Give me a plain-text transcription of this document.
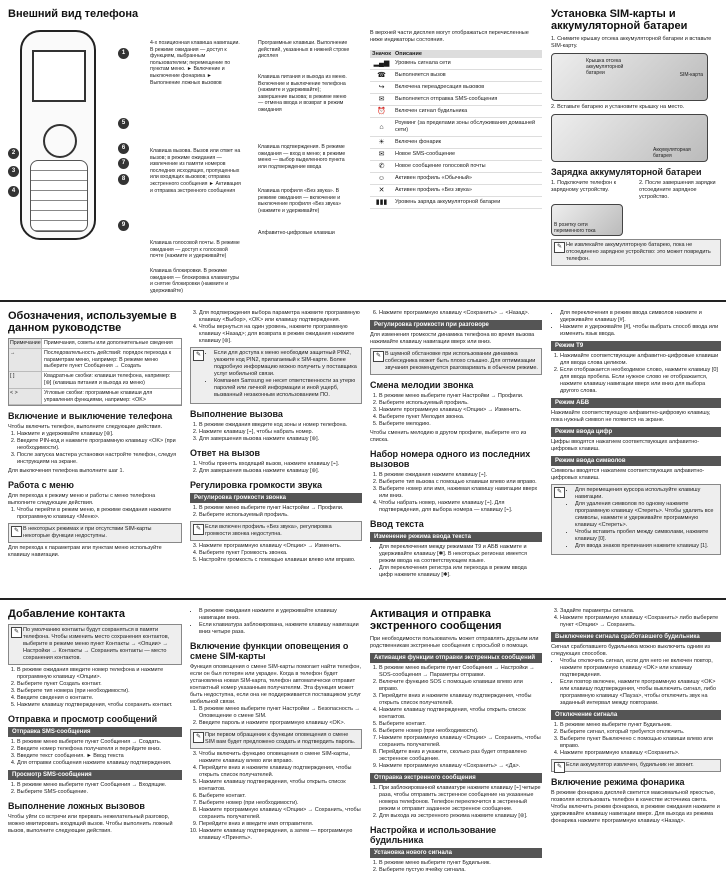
Внешний вид телефона
1
5
6
7
8
9
2
3
4
4-х позиционная клавиша навигации. В режиме ожидания — доступ к функциям, выбранным пользователем; перемещение по пунктам меню. ► Включение и выключение фонарика ► Выполнение ложных вызовов
Клавиша вызова. Вызов или ответ на вызов; в режиме ожидания — извлечение из памяти номеров последних исходящих, пропущенных или входящих вызовов; отправка экстренного сообщения ► Активация и отправка экстренного сообщения
Клавиша голосовой почты. В режиме ожидания — доступ к голосовой почте (нажмите и удерживайте)
Клавиша блокировки. В режиме ожидания — блокировка клавиатуры и снятие блокировки (нажмите и удерживайте)
Программные клавиши. Выполнение действий, указанных в нижней строке дисплея
Клавиша питания и выхода из меню. Включение и выключение телефона (нажмите и удерживайте); завершение вызова; в режиме меню — отмена ввода и возврат в режим ожидания
Клавиша подтверждения. В режиме ожидания — вход в меню; в режиме меню — выбор выделенного пункта или подтверждение ввода
Клавиша профиля «Без звука». В режиме ожидания — включение и выключение профиля «Без звука» (нажмите и удерживайте)
Алфавитно-цифровые клавиши

В верхней части дисплея могут отображаться перечисленные ниже индикаторы состояния.

Значок	Описание
▂▄▆	Уровень сигнала сети
☎	Выполняется вызов
↪	Включена переадресация вызовов
✉	Выполняется отправка SMS-сообщения
⏰	Включен сигнал будильника
⌂	Роуминг (за пределами зоны обслуживания домашней сети)
☀	Включен фонарик
✉	Новое SMS-сообщение
✆	Новое сообщение голосовой почты
☺	Активен профиль «Обычный»
✕	Активен профиль «Без звука»
▮▮▮	Уровень заряда аккумуляторной батареи
Установка SIM-карты и аккумуляторной батареи

1. Снимите крышку отсека аккумуляторной батареи и вставьте SIM-карту.

Крышка отсека аккумуляторной батареи	SIM-карта

2. Вставьте батарею и установите крышку на место.

Аккумуляторная батарея
Зарядка аккумуляторной батареи

1. Подключите телефон к зарядному устройству.

2. После завершения зарядки отсоедините зарядное устройство.

В розетку сети переменного тока
✎ Не извлекайте аккумуляторную батарею, пока не отсоединено зарядное устройство: это может повредить телефон.

Обозначения, используемые в данном руководстве
Примечание Примечания, советы или дополнительные сведения
→	Последовательность действий: порядок перехода к параметрам меню, например: В режиме меню выберите пункт Сообщения → Создать
[ ]	Квадратные скобки: клавиши телефона, например: [⊚] (клавиша питания и выхода из меню)
< >	Угловые скобки: программные клавиши для управления функциями, например: <OK>
Включение и выключение телефона

Чтобы включить телефон, выполните следующие действия.

1. Нажмите и удерживайте клавишу [⊚].
2. Введите PIN-код и нажмите программную клавишу <OK> (при необходимости).
3. После запуска мастера установки настройте телефон, следуя инструкциям на экране.

Для выключения телефона выполните шаг 1.

Работа с меню

Для перехода к режиму меню и работы с меню телефона выполните следующие действия.

1. Чтобы перейти в режим меню, в режиме ожидания нажмите программную клавишу <Меню>.
✎ В некоторых режимах и при отсутствии SIM-карты некоторые функции недоступны.

Для перехода к параметрам или пунктам меню используйте клавишу навигации.

3. Для подтверждения выбора параметра нажмите программную клавишу <Выбор>, <OK> или клавишу подтверждения.
4. Чтобы вернуться на один уровень, нажмите программную клавишу <Назад>; для возврата в режим ожидания нажмите клавишу [⊚].
✎	• Если для доступа к меню необходим защитный PIN2, укажите код PIN2, прилагаемый к SIM-карте. Более подробную информацию можно получить у поставщика услуг мобильной связи.
• Компания Samsung не несет ответственности за утерю паролей или личной информации и иной ущерб, вызванный незаконным использованием ПО.
Выполнение вызова
1. В режиме ожидания введите код зоны и номер телефона.
2. Нажмите клавишу [⌁], чтобы набрать номер.
3. Для завершения вызова нажмите клавишу [⊚].
Ответ на вызов
1. Чтобы принять входящий вызов, нажмите клавишу [⌁].
2. Для завершения вызова нажмите клавишу [⊚].
Регулировка громкости звука
Регулировка громкости звонка
1. В режиме меню выберите пункт Настройки → Профили.
2. Выберите используемый профиль.
✎ Если включен профиль «Без звука», регулировка громкости звонка недоступна.

3. Нажмите программную клавишу <Опции> → Изменить.
4. Выберите пункт Громкость звонка.
5. Настройте громкость с помощью клавиши влево или вправо.
6. Нажмите программную клавишу <Сохранить> → <Назад>.
Регулировка громкости при разговоре

Для изменения громкости динамика телефона во время вызова нажимайте клавишу навигации вверх или вниз.

✎ В шумной обстановке при использовании динамика собеседника может быть плохо слышно. Для оптимизации звучания рекомендуется разговаривать в обычном режиме.

Смена мелодии звонка
1. В режиме меню выберите пункт Настройки → Профили.
2. Выберите используемый профиль.
3. Нажмите программную клавишу <Опции> → Изменить.
4. Выберите пункт Мелодия звонка.
5. Выберите мелодию.

Чтобы сменить мелодию в другом профиле, выберите его из списка.

Набор номера одного из последних вызовов
1. В режиме ожидания нажмите клавишу [⌁].
2. Выберите тип вызова с помощью клавиши влево или вправо.
3. Выберите номер или имя, нажимая клавишу навигации вверх или вниз.
4. Чтобы набрать номер, нажмите клавишу [⌁]. Для подтверждения, для выбора номера — клавишу [⌁].
Ввод текста
Изменение режима ввода текста
• Для переключения между режимами T9 и АБВ нажмите и удерживайте клавишу [✱]. В некоторых регионах имеется режим ввода на соответствующем языке.
• Для переключения регистра или перехода в режим ввода цифр нажмите клавишу [✱].
• Для переключения в режим ввода символов нажмите и удерживайте клавишу [#].
• Нажмите и удерживайте [#], чтобы выбрать способ ввода или изменить язык ввода.
Режим T9
1. Нажимайте соответствующие алфавитно-цифровые клавиши для ввода слова целиком.
2. Если отображается необходимое слово, нажмите клавишу [0] для ввода пробела. Если нужное слово не отображается, нажмите клавишу навигации вверх или вниз для выбора другого слова.
Режим АБВ

Нажимайте соответствующую алфавитно-цифровую клавишу, пока нужный символ не появится на экране.

Режим ввода цифр

Цифры вводятся нажатием соответствующих алфавитно-цифровых клавиш.

Режим ввода символов

Символы вводятся нажатием соответствующих алфавитно-цифровых клавиш.

✎	• Для перемещения курсора используйте клавишу навигации.
• Для удаления символов по одному нажмите программную клавишу <Стереть>. Чтобы удалить все символы, нажмите и удерживайте программную клавишу <Стереть>.
• Чтобы вставить пробел между символами, нажмите клавишу [0].
• Для ввода знаков препинания нажмите клавишу [1].
Добавление контакта
✎ По умолчанию контакты будут сохраняться в памяти телефона. Чтобы изменить место сохранения контактов, выберите в режиме меню пункт Контакты → <Опции> → Настройки → Контакты → Сохранить контакты — место сохранения контактов.

1. В режиме ожидания введите номер телефона и нажмите программную клавишу <Опции>.
2. Выберите пункт Создать контакт.
3. Выберите тип номера (при необходимости).
4. Введите сведения о контакте.
5. Нажмите клавишу подтверждения, чтобы сохранить контакт.
Отправка и просмотр сообщений
Отправка SMS-сообщения
1. В режиме меню выберите пункт Сообщения → Создать.
2. Введите номер телефона получателя и перейдите вниз.
3. Введите текст сообщения. ► Ввод текста
4. Для отправки сообщения нажмите клавишу подтверждения.
Просмотр SMS-сообщения
1. В режиме меню выберите пункт Сообщения → Входящие.
2. Выберите SMS-сообщение.
Выполнение ложных вызовов

Чтобы уйти со встречи или прервать нежелательный разговор, можно имитировать входящий вызов. Чтобы выполнить ложный вызов, выполните следующие действия.

• В режиме ожидания нажмите и удерживайте клавишу навигации вниз.
• Если клавиатура заблокирована, нажмите клавишу навигации вниз четыре раза.
Включение функции оповещения о смене SIM-карты

Функция оповещения о смене SIM-карты помогает найти телефон, если он был потерян или украден. Когда в телефон будет установлена новая SIM-карта, телефон автоматически отправит контактный номер указанным получателям. Эта функция может быть недоступна, если она не поддерживается поставщиком услуг мобильной связи.

1. В режиме меню выберите пункт Настройки → Безопасность → Оповещение о смене SIM.
2. Введите пароль и нажмите программную клавишу <OK>.
✎ При первом обращении к функции оповещения о смене SIM вам будет предложено создать и подтвердить пароль.

3. Чтобы включить функцию оповещения о смене SIM-карты, нажмите клавишу влево или вправо.
4. Перейдите вниз и нажмите клавишу подтверждения, чтобы открыть список получателей.
5. Нажмите клавишу подтверждения, чтобы открыть список контактов.
6. Выберите контакт.
7. Выберите номер (при необходимости).
8. Нажмите программную клавишу <Опции> → Сохранить, чтобы сохранить получателей.
9. Перейдите вниз и введите имя отправителя.
10. Нажмите клавишу подтверждения, а затем — программную клавишу <Принять>.
Активация и отправка экстренного сообщения

При необходимости пользователь может отправлять друзьям или родственникам экстренные сообщения с просьбой о помощи.

Активация функции отправки экстренных сообщений
1. В режиме меню выберите пункт Сообщения → Настройки → SOS-сообщения → Параметры отправки.
2. Включите функцию SOS с помощью клавиши влево или вправо.
3. Перейдите вниз и нажмите клавишу подтверждения, чтобы открыть список получателей.
4. Нажмите клавишу подтверждения, чтобы открыть список контактов.
5. Выберите контакт.
6. Выберите номер (при необходимости).
7. Нажмите программную клавишу <Опции> → Сохранить, чтобы сохранить получателей.
8. Перейдите вниз и укажите, сколько раз будет отправлено экстренное сообщение.
9. Нажмите программную клавишу <Сохранить> → <Да>.
Отправка экстренного сообщения
1. При заблокированной клавиатуре нажмите клавишу [⌁] четыре раза, чтобы отправить экстренное сообщение на указанные номера телефонов. Телефон переключится в экстренный режим и отправит заданное экстренное сообщение.
2. Для выхода из экстренного режима нажмите клавишу [⊚].
Настройка и использование будильника
Установка нового сигнала
1. В режиме меню выберите пункт Будильник.
2. Выберите пустую ячейку сигнала.
3. Задайте параметры сигнала.
4. Нажмите программную клавишу <Сохранить> либо выберите пункт <Опции> → Сохранить.
Выключение сигнала сработавшего будильника

Сигнал сработавшего будильника можно выключить одним из следующих способов.

• Чтобы отключить сигнал, если для него не включен повтор, нажмите программную клавишу <OK> или клавишу подтверждения.
• Если повтор включен, нажмите программную клавишу <OK> или клавишу подтверждения, чтобы выключить сигнал, либо программную клавишу <Пауза>, чтобы отключить звук на заданный интервал между повторами.
Отключение сигнала
1. В режиме меню выберите пункт Будильник.
2. Выберите сигнал, который требуется отключить.
3. Выберите пункт Выключено с помощью клавиши влево или вправо.
4. Нажмите программную клавишу <Сохранить>.
✎ Если аккумулятор извлечен, будильник не звонит.

Включение режима фонарика

В режиме фонарика дисплей светится максимальной яркостью, позволяя использовать телефон в качестве источника света. Чтобы включить режим фонарика, в режиме ожидания нажмите и удерживайте клавишу навигации вверх. Для выхода из режима фонарика нажмите программную клавишу <Назад>.
